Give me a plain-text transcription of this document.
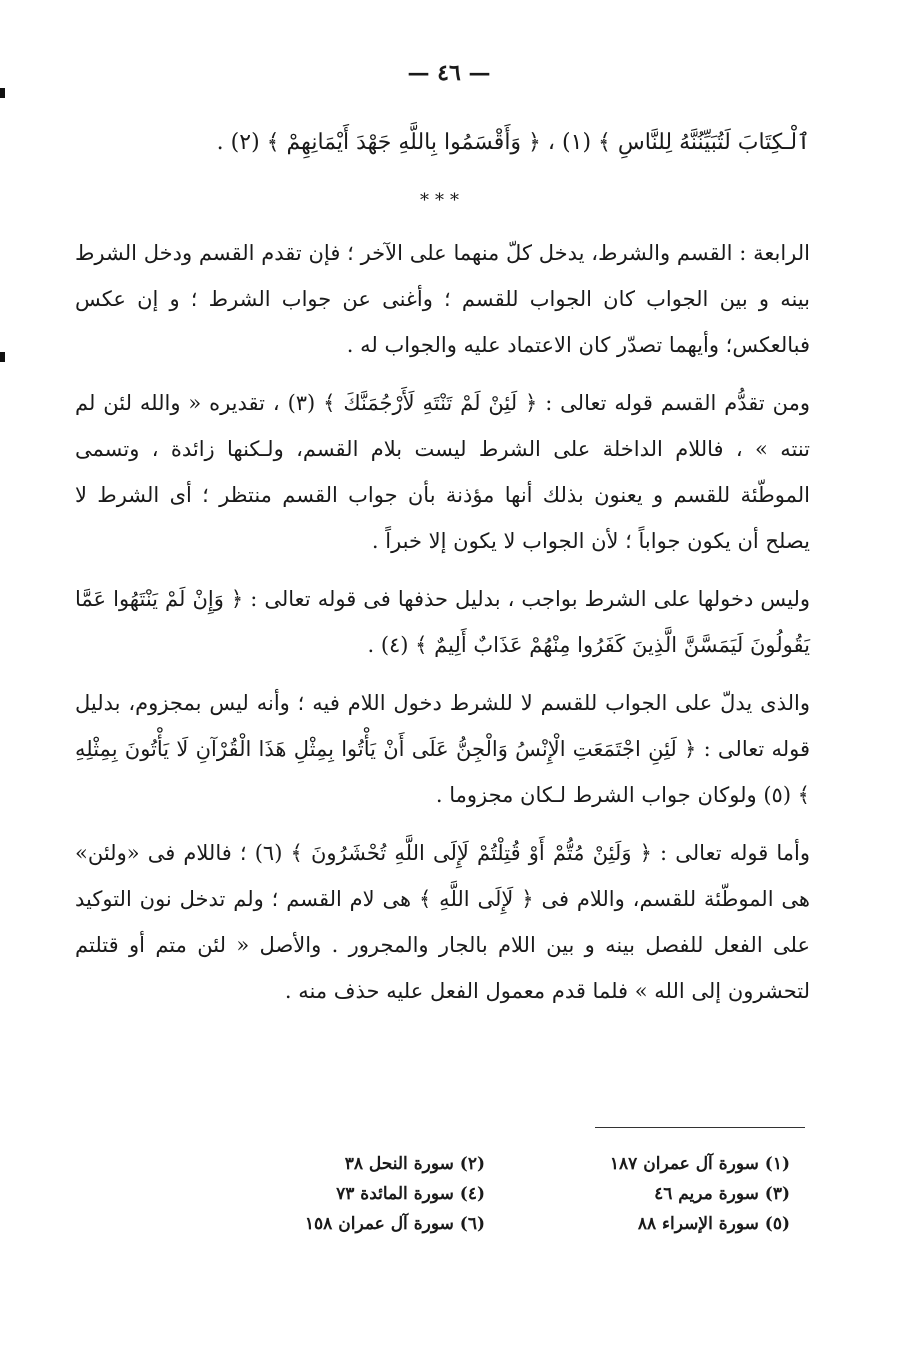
— ٤٦ —

ٱلْـكِتَابَ لَتُبَيِّنُنَّهُ لِلنَّاسِ ﴾ (١) ، ﴿ وَأَقْسَمُوا بِاللَّهِ جَهْدَ أَيْمَانِهِمْ ﴾ (٢) .

***

الرابعة : القسم والشرط، يدخل كلّ منهما على الآخر ؛ فإن تقدم القسم ودخل الشرط بينه و بين الجواب كان الجواب للقسم ؛ وأغنى عن جواب الشرط ؛ و إن عكس فبالعكس؛ وأيهما تصدّر كان الاعتماد عليه والجواب له .

ومن تقدُّم القسم قوله تعالى : ﴿ لَئِنْ لَمْ تَنْتَهِ لَأَرْجُمَنَّكَ ﴾ (٣) ، تقديره « والله لئن لم تنته » ، فاللام الداخلة على الشرط ليست بلام القسم، ولـكنها زائدة ، وتسمى الموطّئة للقسم و يعنون بذلك أنها مؤذنة بأن جواب القسم منتظر ؛ أى الشرط لا يصلح أن يكون جواباً ؛ لأن الجواب لا يكون إلا خبراً .

وليس دخولها على الشرط بواجب ، بدليل حذفها فى قوله تعالى : ﴿ وَإِنْ لَمْ يَنْتَهُوا عَمَّا يَقُولُونَ لَيَمَسَّنَّ الَّذِينَ كَفَرُوا مِنْهُمْ عَذَابٌ أَلِيمٌ ﴾ (٤) .

والذى يدلّ على الجواب للقسم لا للشرط دخول اللام فيه ؛ وأنه ليس بمجزوم، بدليل قوله تعالى : ﴿ لَئِنِ اجْتَمَعَتِ الْإِنْسُ وَالْجِنُّ عَلَى أَنْ يَأْتُوا بِمِثْلِ هَذَا الْقُرْآنِ لَا يَأْتُونَ بِمِثْلِهِ ﴾ (٥) ولوكان جواب الشرط لـكان مجزوما .

وأما قوله تعالى : ﴿ وَلَئِنْ مُتُّمْ أَوْ قُتِلْتُمْ لَإِلَى اللَّهِ تُحْشَرُونَ ﴾ (٦) ؛ فاللام فى «ولئن» هى الموطّئة للقسم، واللام فى ﴿ لَإِلَى اللَّهِ ﴾ هى لام القسم ؛ ولم تدخل نون التوكيد على الفعل للفصل بينه و بين اللام بالجار والمجرور . والأصل « لئن متم أو قتلتم لتحشرون إلى الله » فلما قدم معمول الفعل عليه حذف منه .

(١) سورة آل عمران ١٨٧
(٢) سورة النحل ٣٨
(٣) سورة مريم ٤٦
(٤) سورة المائدة ٧٣
(٥) سورة الإسراء ٨٨
(٦) سورة آل عمران ١٥٨
